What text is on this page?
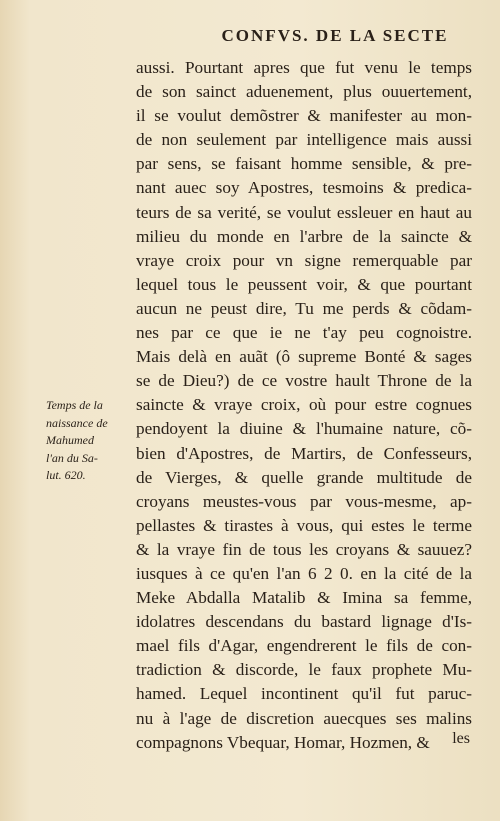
CONFVS. DE LA SECTE
aussi. Pourtant apres que fut venu le temps
de son sainct aduenement, plus ouuertement,
il se voulut demõstrer & manifester au mon-
de non seulement par intelligence mais aussi
par sens, se faisant homme sensible, & pre-
nant auec soy Apostres, tesmoins & predica-
teurs de sa verité, se voulut essleuer en haut au
milieu du monde en l'arbre de la saincte &
vraye croix pour vn signe remerquable par
lequel tous le peussent voir, & que pourtant
aucun ne peust dire, Tu me perds & cõdam-
nes par ce que ie ne t'ay peu cognoistre.
Mais delà en auãt (ô supreme Bonté & sages
se de Dieu?) de ce vostre hault Throne de la
saincte & vraye croix, où pour estre cognues
pendoyent la diuine & l'humaine nature, cõ-
bien d'Apostres, de Martirs, de Confesseurs,
de Vierges, & quelle grande multitude de
croyans meustes-vous par vous-mesme, ap-
pellastes & tirastes à vous, qui estes le terme
& la vraye fin de tous les croyans & sauuez?
iusques à ce qu'en l'an 6 2 0. en la cité de la
Meke Abdalla Matalib & Imina sa femme,
idolatres descendans du bastard lignage d'Is-
mael fils d'Agar, engendrerent le fils de con-
tradiction & discorde, le faux prophete Mu-
hamed. Lequel incontinent qu'il fut paruc-
nu à l'age de discretion auecques ses malins
compagnons Vbequar, Homar, Hozmen, &
Temps de la
naissance de
Mahumed
l'an du Sa-
lut. 620.
les
